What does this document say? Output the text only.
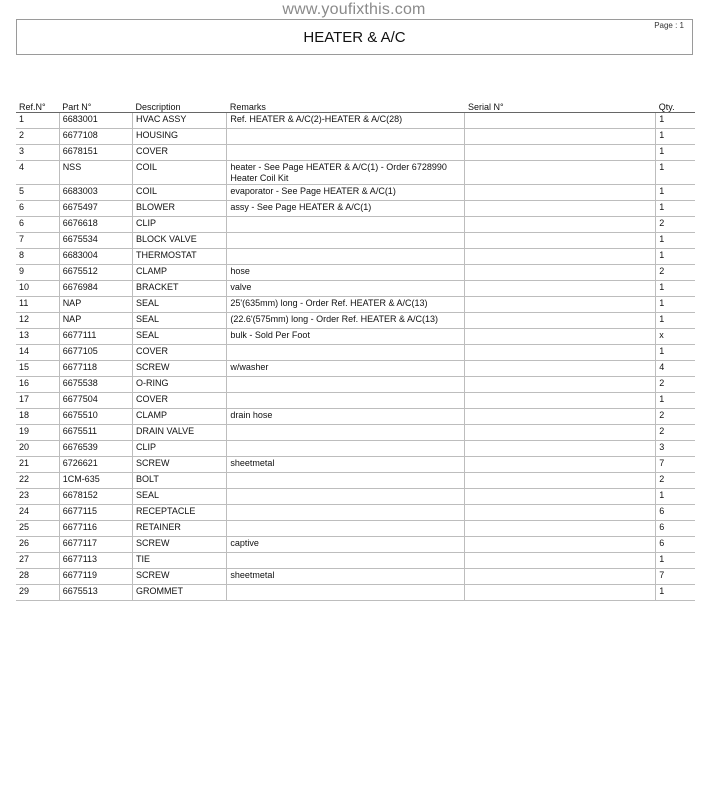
www.youfixthis.com
Page : 1
HEATER & A/C
Ref.N°	Part N°	Description	Remarks	Serial N°	Qty.
1	6683001	HVAC ASSY	Ref. HEATER & A/C(2)-HEATER & A/C(28)		1
2	6677108	HOUSING			1
3	6678151	COVER			1
4	NSS	COIL	heater - See Page HEATER & A/C(1) - Order 6728990 Heater Coil Kit		1
5	6683003	COIL	evaporator - See Page HEATER & A/C(1)		1
6	6675497	BLOWER	assy - See Page HEATER & A/C(1)		1
6	6676618	CLIP			2
7	6675534	BLOCK VALVE			1
8	6683004	THERMOSTAT			1
9	6675512	CLAMP	hose		2
10	6676984	BRACKET	valve		1
11	NAP	SEAL	25'(635mm) long - Order Ref. HEATER & A/C(13)		1
12	NAP	SEAL	(22.6'(575mm) long - Order Ref. HEATER & A/C(13)		1
13	6677111	SEAL	bulk - Sold Per Foot		x
14	6677105	COVER			1
15	6677118	SCREW	w/washer		4
16	6675538	O-RING			2
17	6677504	COVER			1
18	6675510	CLAMP	drain hose		2
19	6675511	DRAIN VALVE			2
20	6676539	CLIP			3
21	6726621	SCREW	sheetmetal		7
22	1CM-635	BOLT			2
23	6678152	SEAL			1
24	6677115	RECEPTACLE			6
25	6677116	RETAINER			6
26	6677117	SCREW	captive		6
27	6677113	TIE			1
28	6677119	SCREW	sheetmetal		7
29	6675513	GROMMET			1
